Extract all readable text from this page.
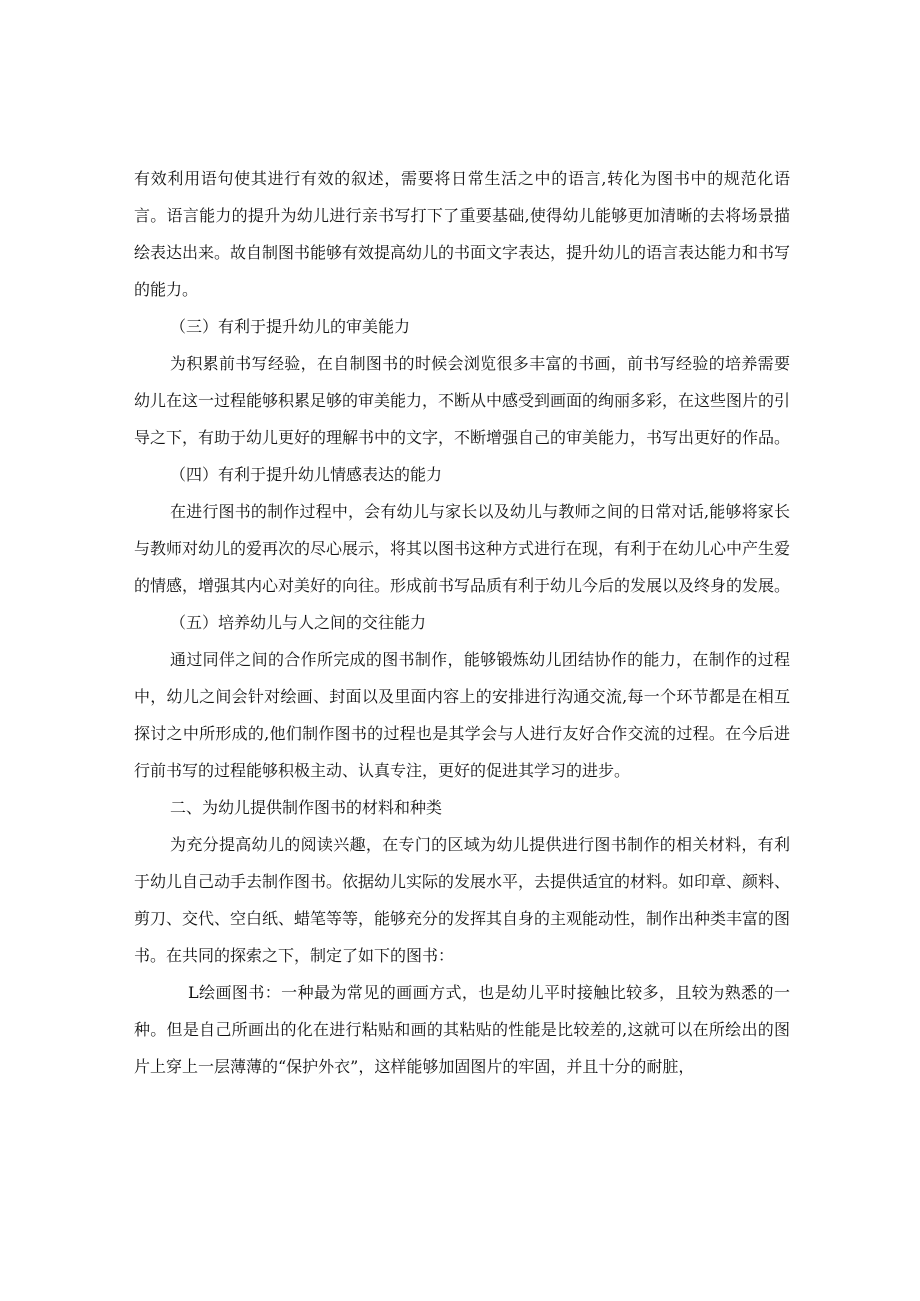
有效利用语句使其进行有效的叙述，需要将日常生活之中的语言,转化为图书中的规范化语言。语言能力的提升为幼儿进行亲书写打下了重要基础,使得幼儿能够更加清晰的去将场景描绘表达出来。故自制图书能够有效提高幼儿的书面文字表达，提升幼儿的语言表达能力和书写的能力。

（三）有利于提升幼儿的审美能力

为积累前书写经验，在自制图书的时候会浏览很多丰富的书画，前书写经验的培养需要幼儿在这一过程能够积累足够的审美能力，不断从中感受到画面的绚丽多彩，在这些图片的引导之下，有助于幼儿更好的理解书中的文字，不断增强自己的审美能力，书写出更好的作品。

（四）有利于提升幼儿情感表达的能力

在进行图书的制作过程中，会有幼儿与家长以及幼儿与教师之间的日常对话,能够将家长与教师对幼儿的爱再次的尽心展示，将其以图书这种方式进行在现，有利于在幼儿心中产生爱的情感，增强其内心对美好的向往。形成前书写品质有利于幼儿今后的发展以及终身的发展。

（五）培养幼儿与人之间的交往能力

通过同伴之间的合作所完成的图书制作，能够锻炼幼儿团结协作的能力，在制作的过程中，幼儿之间会针对绘画、封面以及里面内容上的安排进行沟通交流,每一个环节都是在相互探讨之中所形成的,他们制作图书的过程也是其学会与人进行友好合作交流的过程。在今后进行前书写的过程能够积极主动、认真专注，更好的促进其学习的进步。

二、为幼儿提供制作图书的材料和种类

为充分提高幼儿的阅读兴趣，在专门的区域为幼儿提供进行图书制作的相关材料，有利于幼儿自己动手去制作图书。依据幼儿实际的发展水平，去提供适宜的材料。如印章、颜料、剪刀、交代、空白纸、蜡笔等等，能够充分的发挥其自身的主观能动性，制作出种类丰富的图书。在共同的探索之下，制定了如下的图书：

L绘画图书：一种最为常见的画画方式，也是幼儿平时接触比较多，且较为熟悉的一种。但是自己所画出的化在进行粘贴和画的其粘贴的性能是比较差的,这就可以在所绘出的图片上穿上一层薄薄的“保护外衣”，这样能够加固图片的牢固，并且十分的耐脏，
